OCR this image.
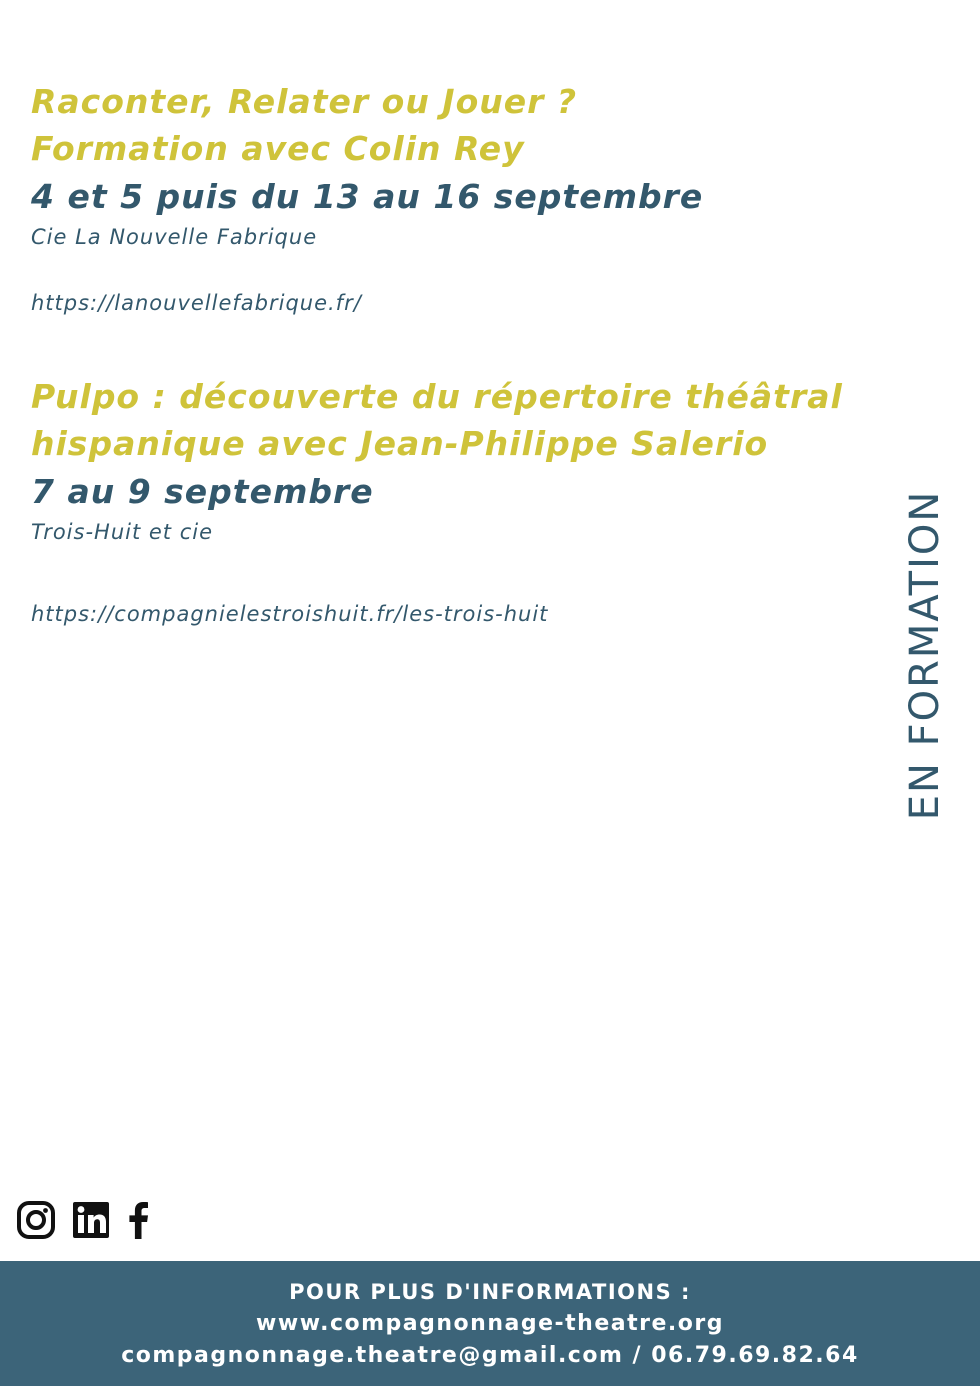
Raconter, Relater ou Jouer ?

Formation avec Colin Rey

4 et 5 puis du 13 au 16 septembre

Cie La Nouvelle Fabrique

https://lanouvellefabrique.fr/

Pulpo : découverte du répertoire théâtral

hispanique avec Jean-Philippe Salerio

7 au 9 septembre

Trois-Huit et cie

https://compagnielestroishuit.fr/les-trois-huit	EN FORMATION
POUR PLUS D'INFORMATIONS :
www.compagnonnage-theatre.org
compagnonnage.theatre@gmail.com / 06.79.69.82.64
